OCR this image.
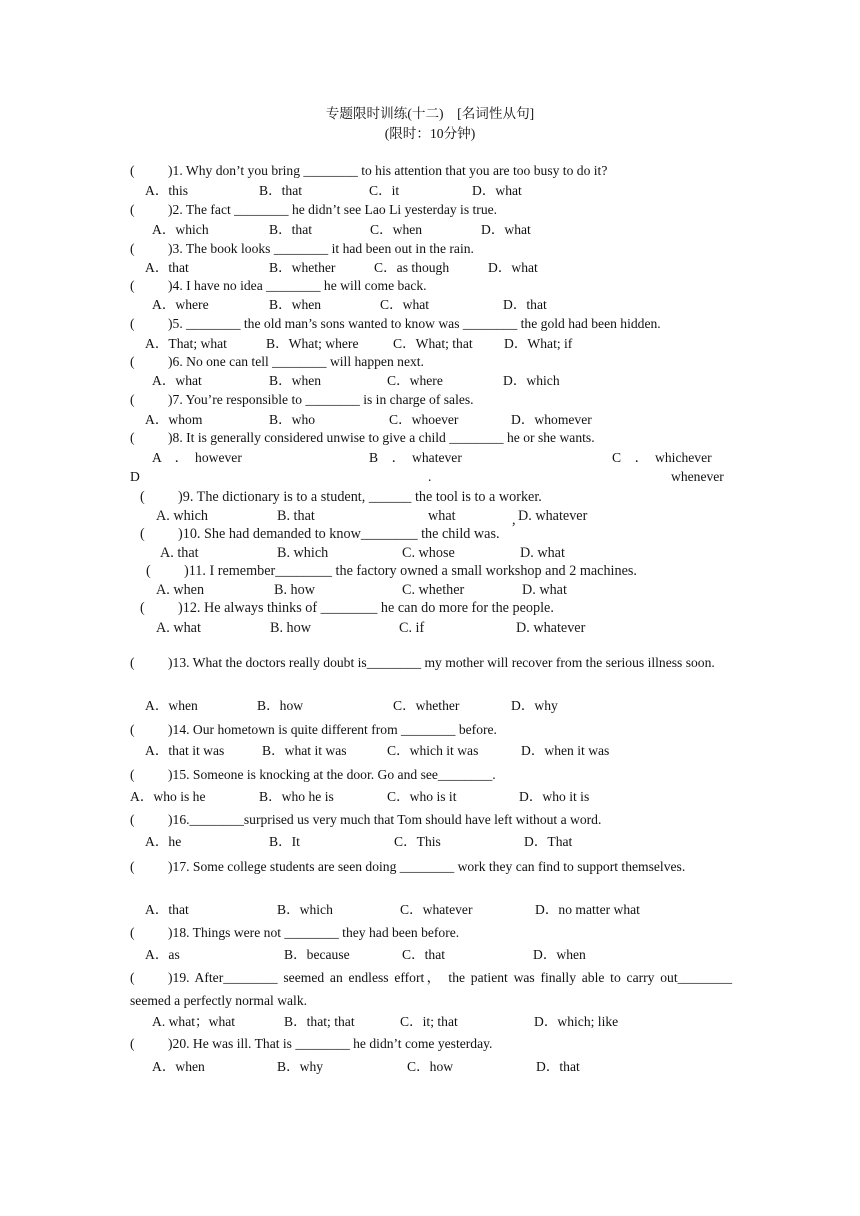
专题限时训练(十二)　[名词性从句]
(限时：10分钟)
( )1. Why don’t you bring ________ to his attention that you are too busy to do it?
A．this	B．that	C．it	D．what
( )2. The fact ________ he didn’t see Lao Li yesterday is true.
A．which	B．that	C．when	D．what
( )3. The book looks ________ it had been out in the rain.
A．that	B．whether	C．as though	D．what
( )4. I have no idea ________ he will come back.
A．where	B．when	C．what	D．that
( )5. ________ the old man’s sons wanted to know was ________ the gold had been hidden.
A．That; what	B．What; where	C．What; that D．What; if
( )6. No one can tell ________ will happen next.
A．what	B．when	C．where	D．which
( )7. You’re responsible to ________ is in charge of sales.
A．whom	B．who	C．whoever	D．whomever
( )8. It is generally considered unwise to give a child ________ he or she wants.
A　．　however	B　．　whatever	C　．　whichever
D	.	whenever
( )9. The dictionary is to a student, ______ the tool is to a worker.
A. which	B. that	what	, D. whatever
( )10. She had demanded to know________ the child was.
A. that	B. which	C. whose	D. what
( )11. I remember________ the factory owned a small workshop and 2 machines.
A. when	B. how	C. whether	D. what
( )12. He always thinks of ________ he can do more for the people.
A. what	B. how	C. if	D. whatever
( )13. What the doctors really doubt is________ my mother will recover from the serious illness soon.
A．when	B．how	C．whether	D．why
( )14. Our hometown is quite different from ________ before.
A．that it was	B．what it was	C．which it was	D．when it was
( )15. Someone is knocking at the door. Go and see________.
A．who is he	B．who he is	C．who is it	D．who it is
( )16.________surprised us very much that Tom should have left without a word.
A．he	B．It	C．This	D．That
( )17. Some college students are seen doing ________ work they can find to support themselves.
A．that	B．which	C．whatever	D．no matter what
( )18. Things were not ________ they had been before.
A．as	B．because	C．that	D．when
( )19. After________ seemed an endless effort， the patient was finally able to carry out________ seemed a perfectly normal walk.
A. what；what	B．that; that	C．it; that	D．which; like
( )20. He was ill. That is ________ he didn’t come yesterday.
A．when	B．why	C．how	D．that
